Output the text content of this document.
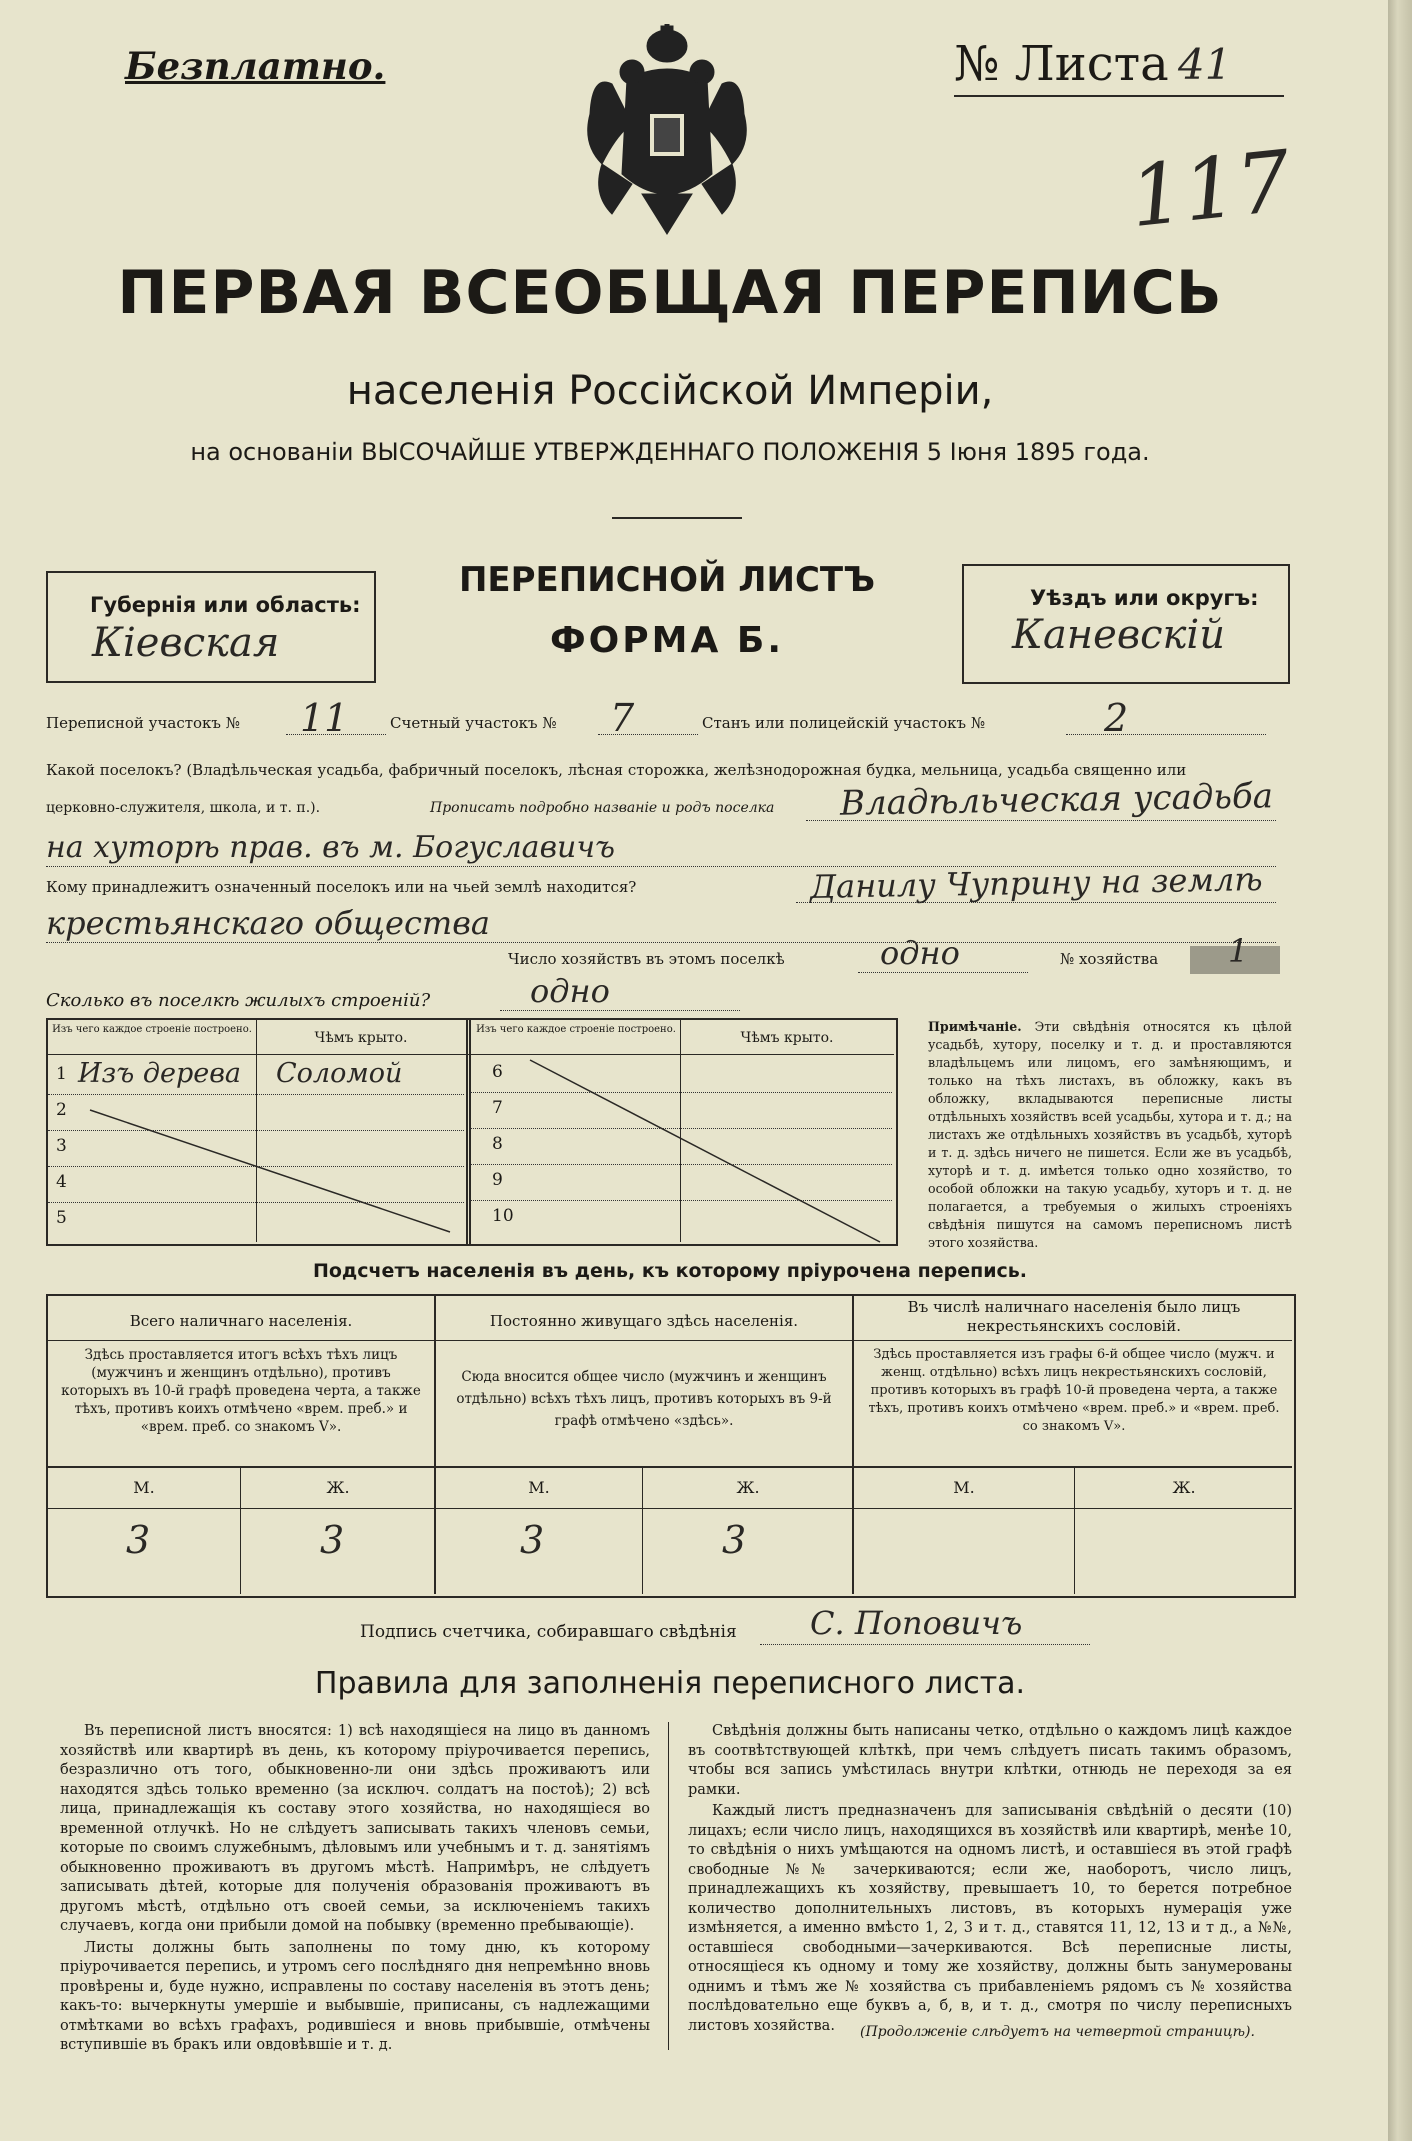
Безплатно.	№ Листа 41
117
ПЕРВАЯ ВСЕОБЩАЯ ПЕРЕПИСЬ
населенія Россійской Имперіи,
на основаніи ВЫСОЧАЙШЕ УТВЕРЖДЕННАГО ПОЛОЖЕНІЯ 5 Іюня 1895 года.
Губернія или область:
Кіевская
ПЕРЕПИСНОЙ ЛИСТЪ
ФОРМА Б.
Уѣздъ или округъ:
Каневскій
Переписной участокъ № 11	Счетный участокъ № 7	Станъ или полицейскій участокъ №	2
Какой поселокъ? (Владѣльческая усадьба, фабричный поселокъ, лѣсная сторожка, желѣзнодорожная будка, мельница, усадьба священно или
церковно-служителя, школа, и т. п.).	Прописать подробно названіе и родъ поселка Владѣльческая усадьба
на хуторѣ прав. въ м. Богуславичъ
Кому принадлежитъ означенный поселокъ или на чьей землѣ находится?	Данилу Чуприну на землѣ
крестьянскаго общества
Число хозяйствъ въ этомъ поселкѣ	одно	№ хозяйства 1
Сколько въ поселкѣ жилыхъ строеній?	одно
Изъ чего каждое строеніе построено.
Чѣмъ крыто.
Изъ чего каждое строеніе построено.
Чѣмъ крыто.
1 Изъ дерева Соломой
2
3
4
5
6
7
8
9
10
Примѣчаніе. Эти свѣдѣнія относятся къ цѣлой усадьбѣ, хутору, поселку и т. д. и проставляются владѣльцемъ или лицомъ, его замѣняющимъ, и только на тѣхъ листахъ, въ обложку, какъ въ обложку, вкладываются переписные листы отдѣльныхъ хозяйствъ всей усадьбы, хутора и т. д.; на листахъ же отдѣльныхъ хозяйствъ въ усадьбѣ, хуторѣ и т. д. здѣсь ничего не пишется. Если же въ усадьбѣ, хуторѣ и т. д. имѣется только одно хозяйство, то особой обложки на такую усадьбу, хуторъ и т. д. не полагается, а требуемыя о жилыхъ строеніяхъ свѣдѣнія пишутся на самомъ переписномъ листѣ этого хозяйства.
Подсчетъ населенія въ день, къ которому пріурочена перепись.
Всего наличнаго населенія.
Здѣсь проставляется итогъ всѣхъ тѣхъ лицъ (мужчинъ и женщинъ отдѣльно), противъ которыхъ въ 10-й графѣ проведена черта, а также тѣхъ, противъ коихъ отмѣчено «врем. преб.» и «врем. преб. со знакомъ V».
Постоянно живущаго здѣсь населенія.
Сюда вносится общее число (мужчинъ и женщинъ отдѣльно) всѣхъ тѣхъ лицъ, противъ которыхъ въ 9-й графѣ отмѣчено «здѣсь».
Въ числѣ наличнаго населенія было лицъ некрестьянскихъ сословій.
Здѣсь проставляется изъ графы 6-й общее число (мужч. и женщ. отдѣльно) всѣхъ лицъ некрестьянскихъ сословій, противъ которыхъ въ графѣ 10-й проведена черта, а также тѣхъ, противъ коихъ отмѣчено «врем. преб.» и «врем. преб. со знакомъ V».
М.	Ж.	М.	Ж.	М.	Ж.
3	3	3	3
Подпись счетчика, собиравшаго свѣдѣнія С. Поповичъ
Правила для заполненія переписного листа.

Въ переписной листъ вносятся: 1) всѣ находящіеся на лицо въ данномъ хозяйствѣ или квартирѣ въ день, къ которому пріурочивается перепись, безразлично отъ того, обыкновенно-ли они здѣсь проживаютъ или находятся здѣсь только временно (за исключ. солдатъ на постоѣ); 2) всѣ лица, принадлежащія къ составу этого хозяйства, но находящіеся во временной отлучкѣ. Но не слѣдуетъ записывать такихъ членовъ семьи, которые по своимъ служебнымъ, дѣловымъ или учебнымъ и т. д. занятіямъ обыкновенно проживаютъ въ другомъ мѣстѣ. Напримѣръ, не слѣдуетъ записывать дѣтей, которые для полученія образованія проживаютъ въ другомъ мѣстѣ, отдѣльно отъ своей семьи, за исключеніемъ такихъ случаевъ, когда они прибыли домой на побывку (временно пребывающіе).

Листы должны быть заполнены по тому дню, къ которому пріурочивается перепись, и утромъ сего послѣдняго дня непремѣнно вновь провѣрены и, буде нужно, исправлены по составу населенія въ этотъ день; какъ-то: вычеркнуты умершіе и выбывшіе, приписаны, съ надлежащими отмѣтками во всѣхъ графахъ, родившіеся и вновь прибывшіе, отмѣчены вступившіе въ бракъ или овдовѣвшіе и т. д.

Свѣдѣнія должны быть написаны четко, отдѣльно о каждомъ лицѣ каждое въ соотвѣтствующей клѣткѣ, при чемъ слѣдуетъ писать такимъ образомъ, чтобы вся запись умѣстилась внутри клѣтки, отнюдь не переходя за ея рамки.

Каждый листъ предназначенъ для записыванія свѣдѣній о десяти (10) лицахъ; если число лицъ, находящихся въ хозяйствѣ или квартирѣ, менѣе 10, то свѣдѣнія о нихъ умѣщаются на одномъ листѣ, и оставшіеся въ этой графѣ свободные №№ зачеркиваются; если же, наоборотъ, число лицъ, принадлежащихъ къ хозяйству, превышаетъ 10, то берется потребное количество дополнительныхъ листовъ, въ которыхъ нумерація уже измѣняется, а именно вмѣсто 1, 2, 3 и т. д., ставятся 11, 12, 13 и т д., а №№, оставшіеся свободными—зачеркиваются. Всѣ переписные листы, относящіеся къ одному и тому же хозяйству, должны быть занумерованы однимъ и тѣмъ же № хозяйства съ прибавленіемъ рядомъ съ № хозяйства послѣдовательно еще буквъ а, б, в, и т. д., смотря по числу переписныхъ листовъ хозяйства.	(Продолженіе слѣдуетъ на четвертой страницѣ).
